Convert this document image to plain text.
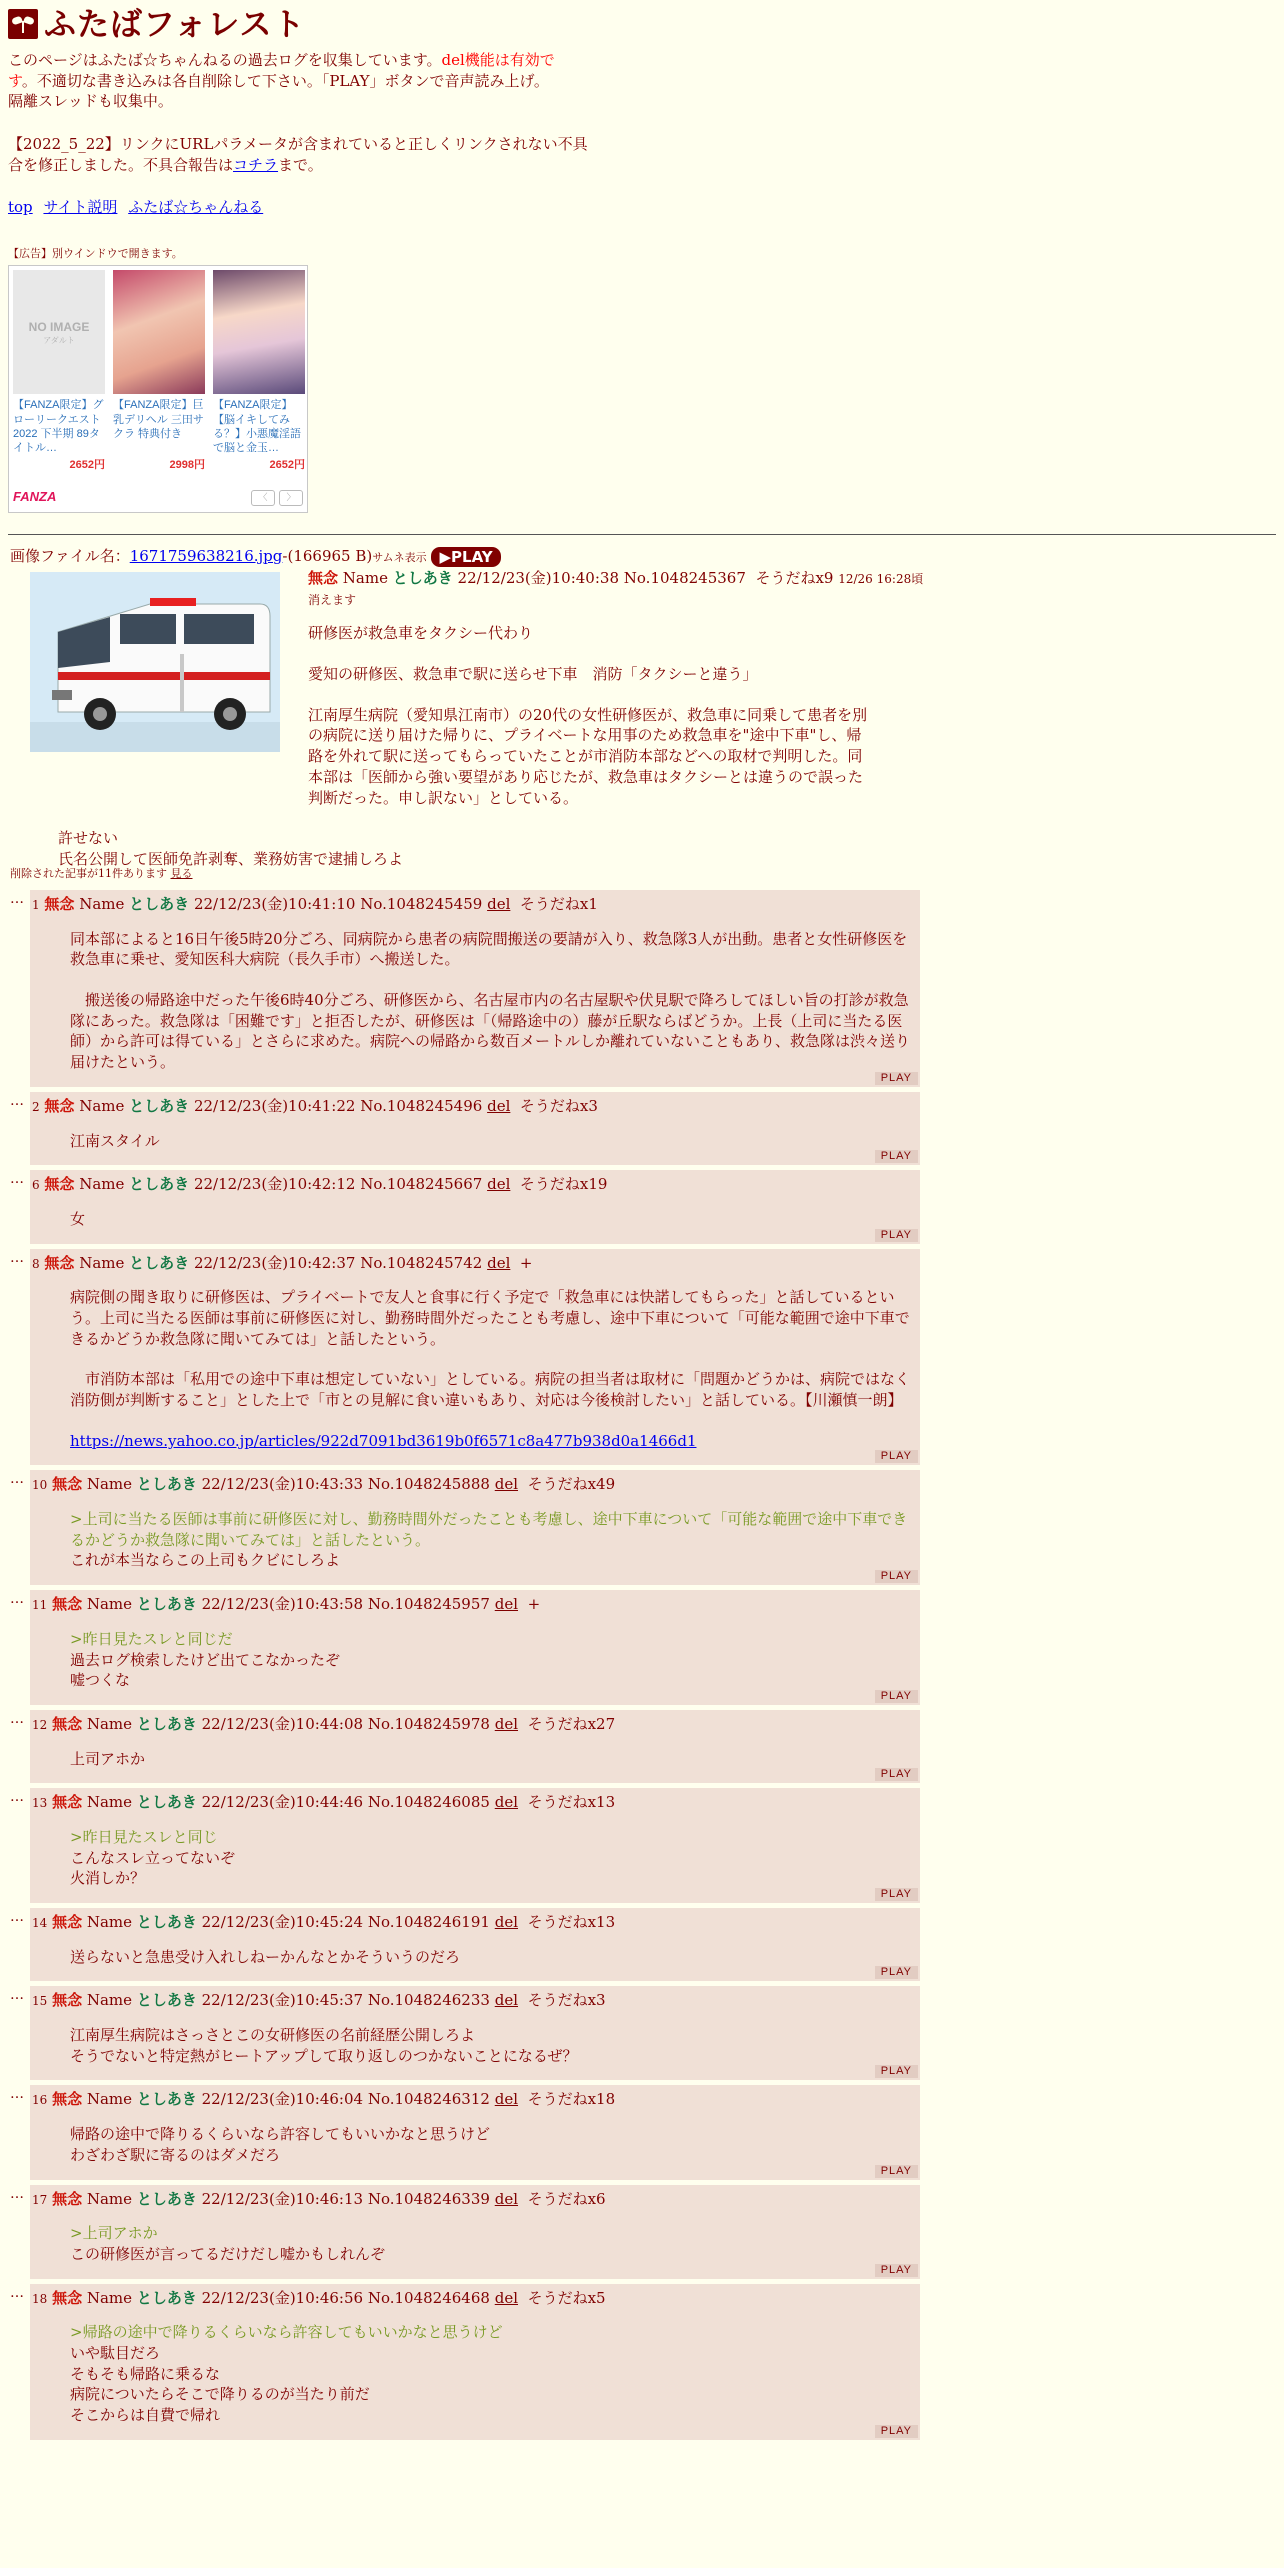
ふたばフォレスト
このページはふたば☆ちゃんねるの過去ログを収集しています。del機能は有効で
す。不適切な書き込みは各自削除して下さい。「PLAY」ボタンで音声読み上げ。
隔離スレッドも収集中。
【2022_5_22】リンクにURLパラメータが含まれていると正しくリンクされない不具合を修正しました。不具合報告はコチラまで。
top サイト説明 ふたば☆ちゃんねる
【広告】別ウインドウで開きます。
NO IMAGE
アダルト
【FANZA限定】グローリークエスト 2022 下半期 89タイトル…
2652円
【FANZA限定】巨乳デリヘル 三田サクラ 特典付き
2998円
【FANZA限定】【脳イキしてみる？】小悪魔淫語で脳と金玉…
2652円
FANZA	〈	〉
画像ファイル名：1671759638216.jpg-(166965 B)サムネ表示 ▶PLAY
無念 Name としあき 22/12/23(金)10:40:38 No.1048245367 そうだねx9 12/26 16:28頃消えます
研修医が救急車をタクシー代わり
愛知の研修医、救急車で駅に送らせ下車　消防「タクシーと違う」
江南厚生病院（愛知県江南市）の20代の女性研修医が、救急車に同乗して患者を別の病院に送り届けた帰りに、プライベートな用事のため救急車を"途中下車"し、帰路を外れて駅に送ってもらっていたことが市消防本部などへの取材で判明した。同本部は「医師から強い要望があり応じたが、救急車はタクシーとは違うので誤った判断だった。申し訳ない」としている。
許せない
氏名公開して医師免許剥奪、業務妨害で逮捕しろよ
削除された記事が11件あります 見る
… 1 無念 Name としあき 22/12/23(金)10:41:10 No.1048245459 del そうだねx1
同本部によると16日午後5時20分ごろ、同病院から患者の病院間搬送の要請が入り、救急隊3人が出動。患者と女性研修医を救急車に乗せ、愛知医科大病院（長久手市）へ搬送した。
　搬送後の帰路途中だった午後6時40分ごろ、研修医から、名古屋市内の名古屋駅や伏見駅で降ろしてほしい旨の打診が救急隊にあった。救急隊は「困難です」と拒否したが、研修医は「（帰路途中の）藤が丘駅ならばどうか。上長（上司に当たる医師）から許可は得ている」とさらに求めた。病院への帰路から数百メートルしか離れていないこともあり、救急隊は渋々送り届けたという。
PLAY
… 2 無念 Name としあき 22/12/23(金)10:41:22 No.1048245496 del そうだねx3
江南スタイル
PLAY
… 6 無念 Name としあき 22/12/23(金)10:42:12 No.1048245667 del そうだねx19
女
PLAY
… 8 無念 Name としあき 22/12/23(金)10:42:37 No.1048245742 del +
病院側の聞き取りに研修医は、プライベートで友人と食事に行く予定で「救急車には快諾してもらった」と話しているという。上司に当たる医師は事前に研修医に対し、勤務時間外だったことも考慮し、途中下車について「可能な範囲で途中下車できるかどうか救急隊に聞いてみては」と話したという。
　市消防本部は「私用での途中下車は想定していない」としている。病院の担当者は取材に「問題かどうかは、病院ではなく消防側が判断すること」とした上で「市との見解に食い違いもあり、対応は今後検討したい」と話している。【川瀬慎一朗】
https://news.yahoo.co.jp/articles/922d7091bd3619b0f6571c8a477b938d0a1466d1
PLAY
… 10 無念 Name としあき 22/12/23(金)10:43:33 No.1048245888 del そうだねx49
>上司に当たる医師は事前に研修医に対し、勤務時間外だったことも考慮し、途中下車について「可能な範囲で途中下車できるかどうか救急隊に聞いてみては」と話したという。
これが本当ならこの上司もクビにしろよ
PLAY
… 11 無念 Name としあき 22/12/23(金)10:43:58 No.1048245957 del +
>昨日見たスレと同じだ
過去ログ検索したけど出てこなかったぞ
嘘つくな
PLAY
… 12 無念 Name としあき 22/12/23(金)10:44:08 No.1048245978 del そうだねx27
上司アホか
PLAY
… 13 無念 Name としあき 22/12/23(金)10:44:46 No.1048246085 del そうだねx13
>昨日見たスレと同じ
こんなスレ立ってないぞ
火消しか？
PLAY
… 14 無念 Name としあき 22/12/23(金)10:45:24 No.1048246191 del そうだねx13
送らないと急患受け入れしねーかんなとかそういうのだろ
PLAY
… 15 無念 Name としあき 22/12/23(金)10:45:37 No.1048246233 del そうだねx3
江南厚生病院はさっさとこの女研修医の名前経歴公開しろよ
そうでないと特定熱がヒートアップして取り返しのつかないことになるぜ？
PLAY
… 16 無念 Name としあき 22/12/23(金)10:46:04 No.1048246312 del そうだねx18
帰路の途中で降りるくらいなら許容してもいいかなと思うけど
わざわざ駅に寄るのはダメだろ
PLAY
… 17 無念 Name としあき 22/12/23(金)10:46:13 No.1048246339 del そうだねx6
>上司アホか
この研修医が言ってるだけだし嘘かもしれんぞ
PLAY
… 18 無念 Name としあき 22/12/23(金)10:46:56 No.1048246468 del そうだねx5
>帰路の途中で降りるくらいなら許容してもいいかなと思うけど
いや駄目だろ
そもそも帰路に乗るな
病院についたらそこで降りるのが当たり前だ
そこからは自費で帰れ
PLAY
